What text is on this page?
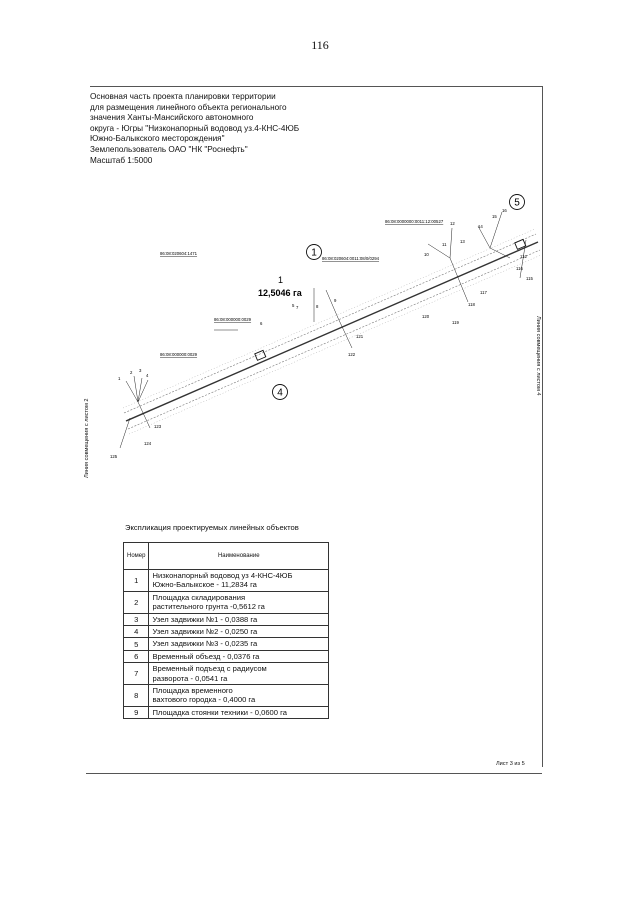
116
Основная часть проекта планировки территории
для размещения линейного объекта регионального
значения Ханты-Мансийского автономного
округа - Югры "Низконапорный водовод уз.4-КНС-4ЮБ
Южно-Балыкского месторождения"
Землепользователь ОАО "НК "Роснефть"
Масштаб 1:5000
5
1
4
1
12,5046 га
86:08:0000000:0011:12:00527
86:08:020604:1471
86:08:020604:0011:08/0/0294
86:08:000000:0029
86:08:000000:0029
1
2 3
4
5
6
7	8
9
10
11
12
13
14
15
16
112
115
116
117
118
119
120
121
122
123
124
125
Линия совмещения с листом 2
Линия совмещения с листом 4
Экспликация проектируемых линейных объектов
Номер	Наименование
1	Низконапорный водовод уз 4-КНС-4ЮБ
Южно-Балыкское - 11,2834 га

2	Площадка складирования
растительного грунта -0,5612 га

3	Узел задвижки №1 - 0,0388 га
4	Узел задвижки №2 - 0,0250 га
5	Узел задвижки №3 - 0,0235 га
6	Временный объезд - 0,0376 га
7	Временный подъезд с радиусом
разворота - 0,0541 га

8	Площадка временного
вахтового городка - 0,4000 га

9	Площадка стоянки техники - 0,0600 га
Лист 3 из 5
